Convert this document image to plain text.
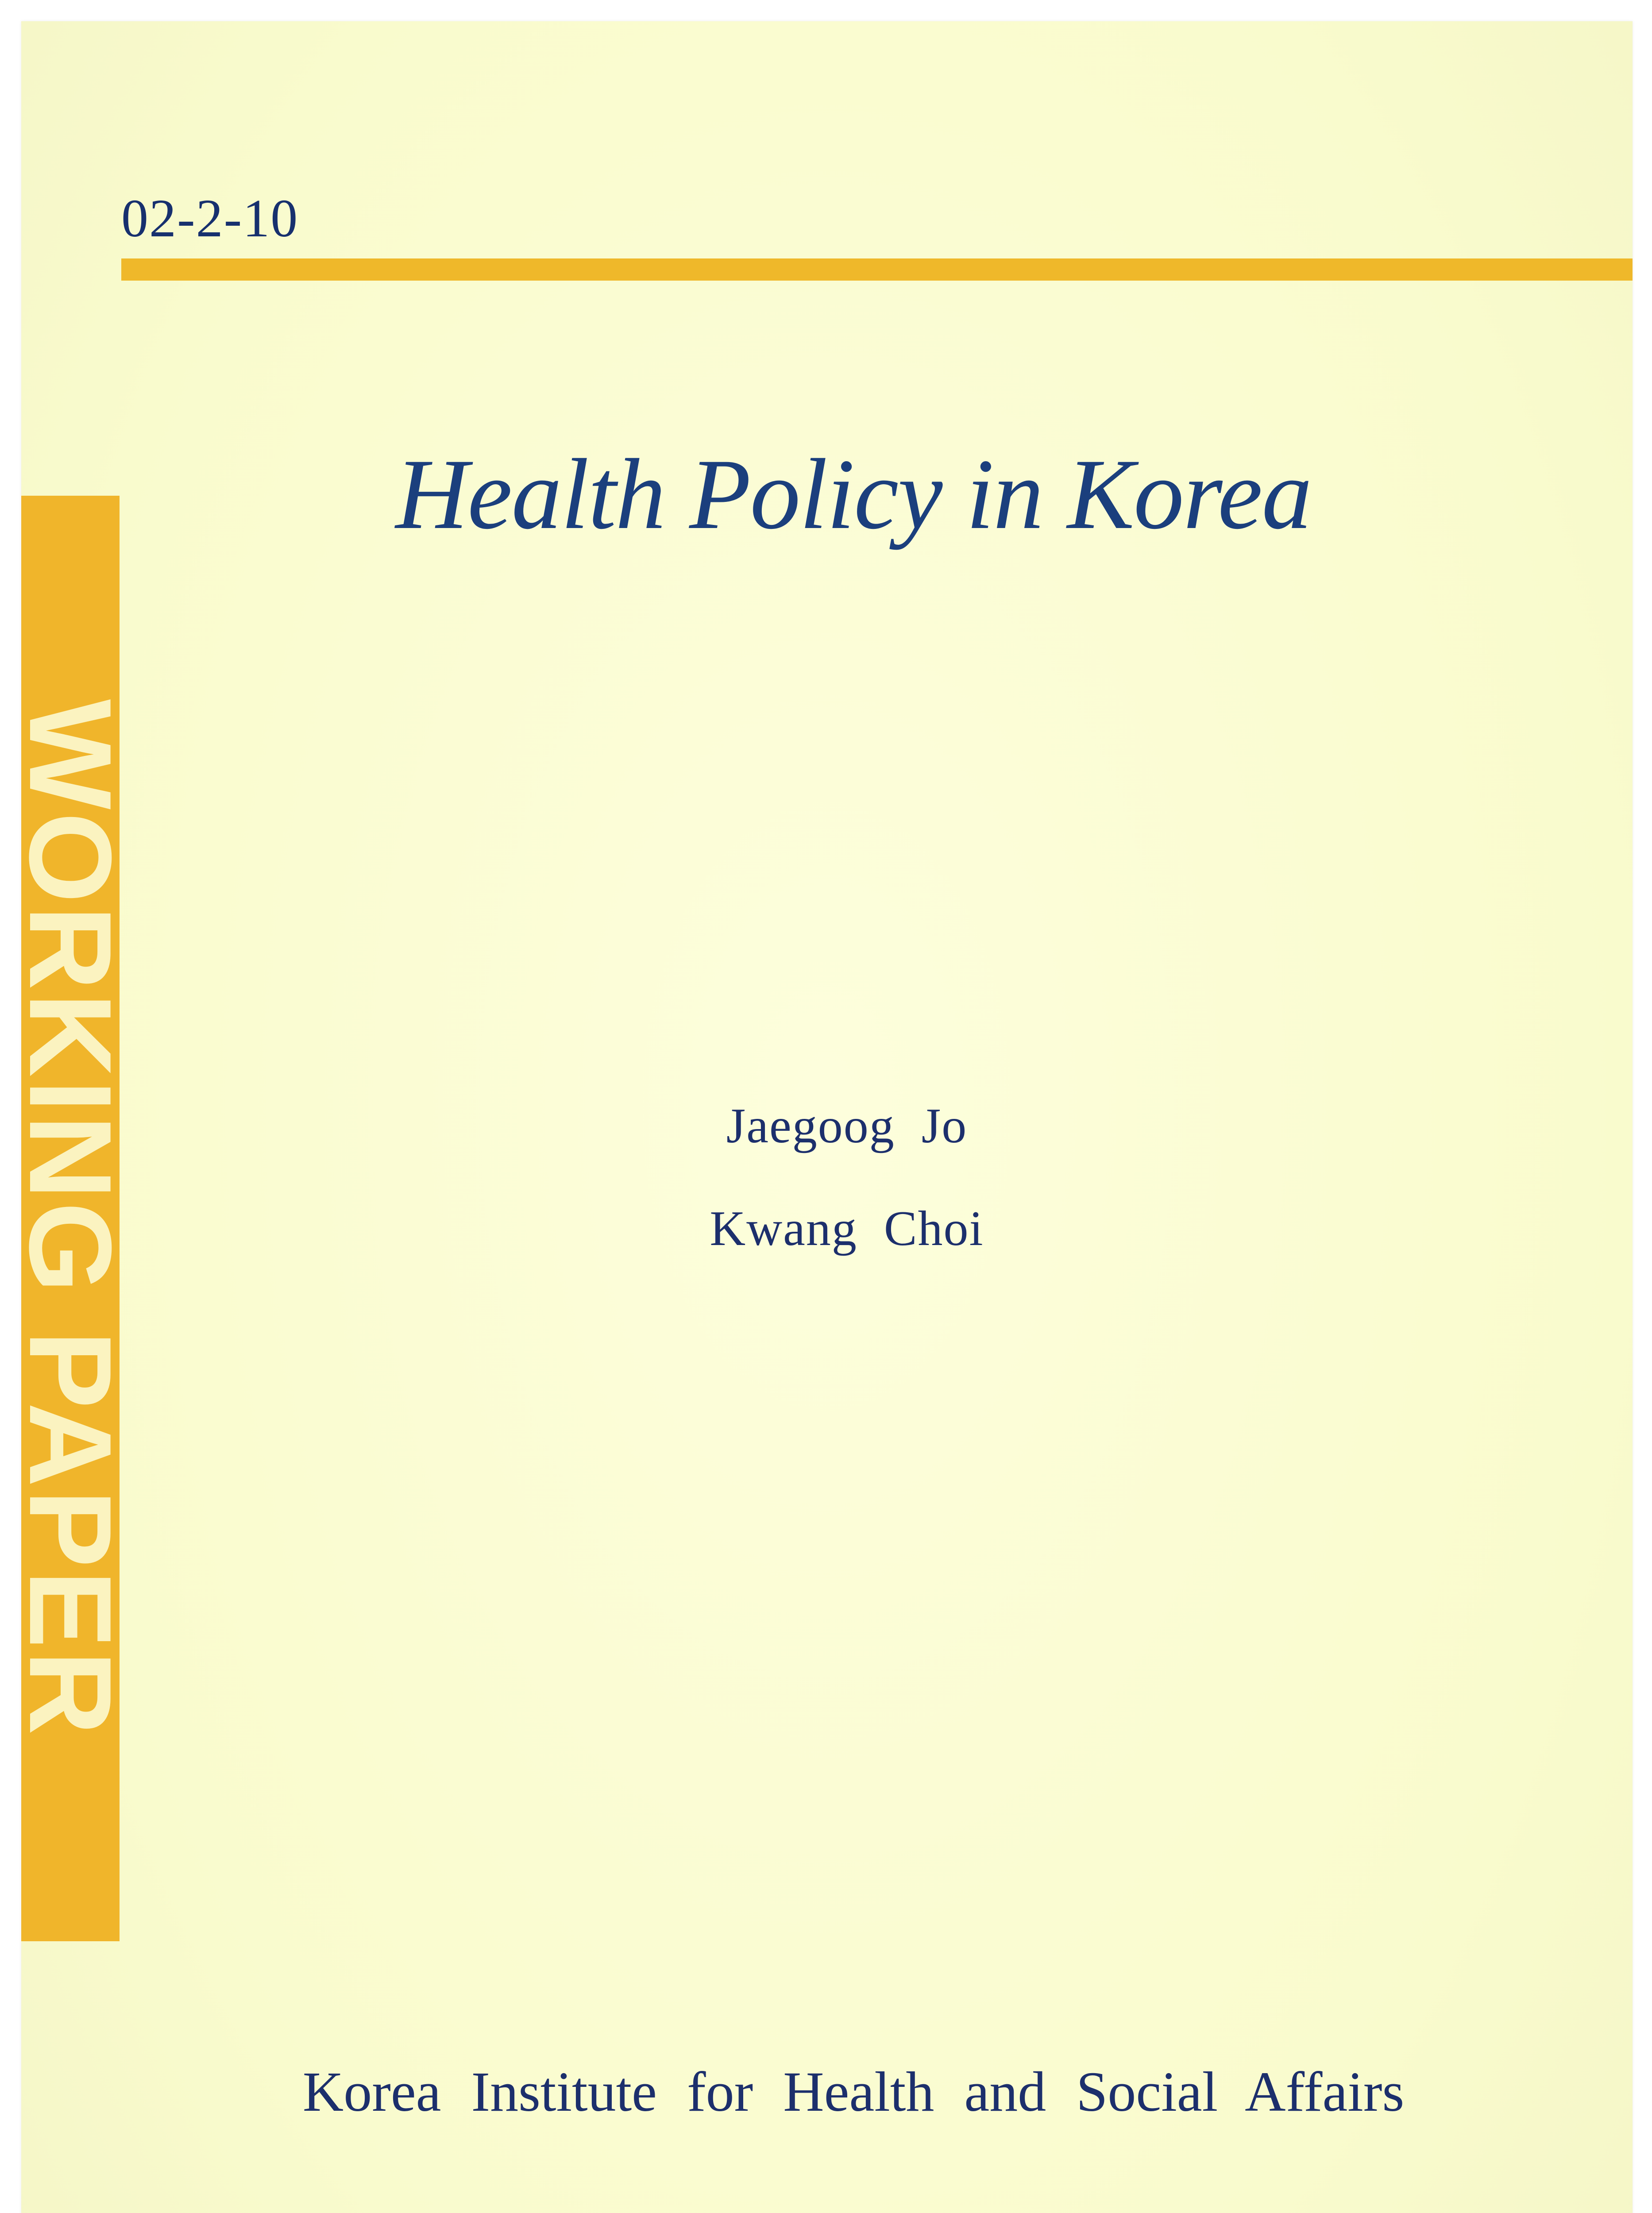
02-2-10
WORKING PAPER
Health Policy in Korea
Jaegoog Jo
Kwang Choi
Korea Institute for Health and Social Affairs
